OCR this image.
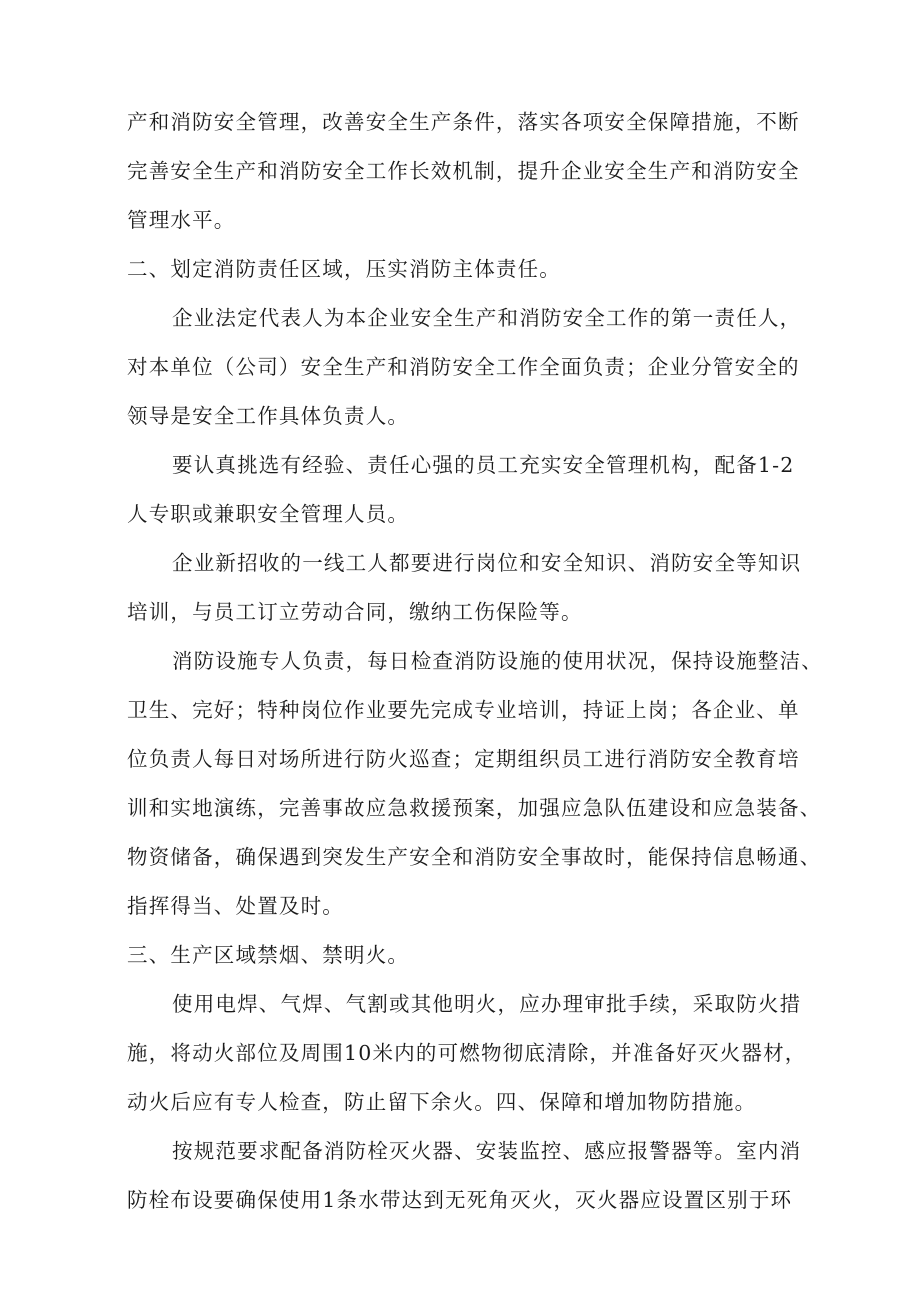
产和消防安全管理，改善安全生产条件，落实各项安全保障措施，不断
完善安全生产和消防安全工作长效机制，提升企业安全生产和消防安全
管理水平。
二、划定消防责任区域，压实消防主体责任。
企业法定代表人为本企业安全生产和消防安全工作的第一责任人，
对本单位（公司）安全生产和消防安全工作全面负责；企业分管安全的
领导是安全工作具体负责人。
要认真挑选有经验、责任心强的员工充实安全管理机构，配备1-2
人专职或兼职安全管理人员。
企业新招收的一线工人都要进行岗位和安全知识、消防安全等知识
培训，与员工订立劳动合同，缴纳工伤保险等。
消防设施专人负责，每日检查消防设施的使用状况，保持设施整洁、
卫生、完好；特种岗位作业要先完成专业培训，持证上岗；各企业、单
位负责人每日对场所进行防火巡查；定期组织员工进行消防安全教育培
训和实地演练，完善事故应急救援预案，加强应急队伍建设和应急装备、
物资储备，确保遇到突发生产安全和消防安全事故时，能保持信息畅通、
指挥得当、处置及时。
三、生产区域禁烟、禁明火。
使用电焊、气焊、气割或其他明火，应办理审批手续，采取防火措
施，将动火部位及周围10米内的可燃物彻底清除，并准备好灭火器材，
动火后应有专人检查，防止留下余火。四、保障和增加物防措施。
按规范要求配备消防栓灭火器、安装监控、感应报警器等。室内消
防栓布设要确保使用1条水带达到无死角灭火，灭火器应设置区别于环
